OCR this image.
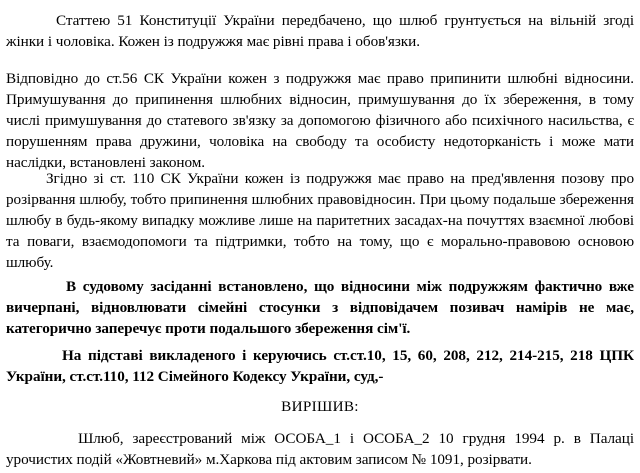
Статтею 51 Конституції України передбачено, що шлюб грунтується на вільній згоді жінки і чоловіка. Кожен із подружжя має рівні права і обов'язки.

Відповідно до ст.56 СК України кожен з подружжя має право припинити шлюбні відносини. Примушування до припинення шлюбних відносин, примушування до їх збереження, в тому числі примушування до статевого зв'язку за допомогою фізичного або психічного насильства, є порушенням права дружини, чоловіка на свободу та особисту недоторканість і може мати наслідки, встановлені законом.

Згідно зі ст. 110 СК України кожен із подружжя має право на пред'явлення позову про розірвання шлюбу, тобто припинення шлюбних правовідносин. При цьому подальше збереження шлюбу в будь-якому випадку можливе лише на паритетних засадах-на почуттях взаємної любові та поваги, взаємодопомоги та підтримки, тобто на тому, що є морально-правовою основою шлюбу.

В судовому засіданні встановлено, що відносини між подружжям фактично вже вичерпані, відновлювати сімейні стосунки з відповідачем позивач намірів не має, категорично заперечує проти подальшого збереження сім'ї.

На підставі викладеного і керуючись ст.ст.10, 15, 60, 208, 212, 214-215, 218 ЦПК України, ст.ст.110, 112 Сімейного Кодексу України, суд,-

ВИРІШИВ:

Шлюб, зареєстрований між ОСОБА_1 і ОСОБА_2 10 грудня 1994 р. в Палаці урочистих подій «Жовтневий» м.Харкова під актовим записом № 1091, розірвати.
